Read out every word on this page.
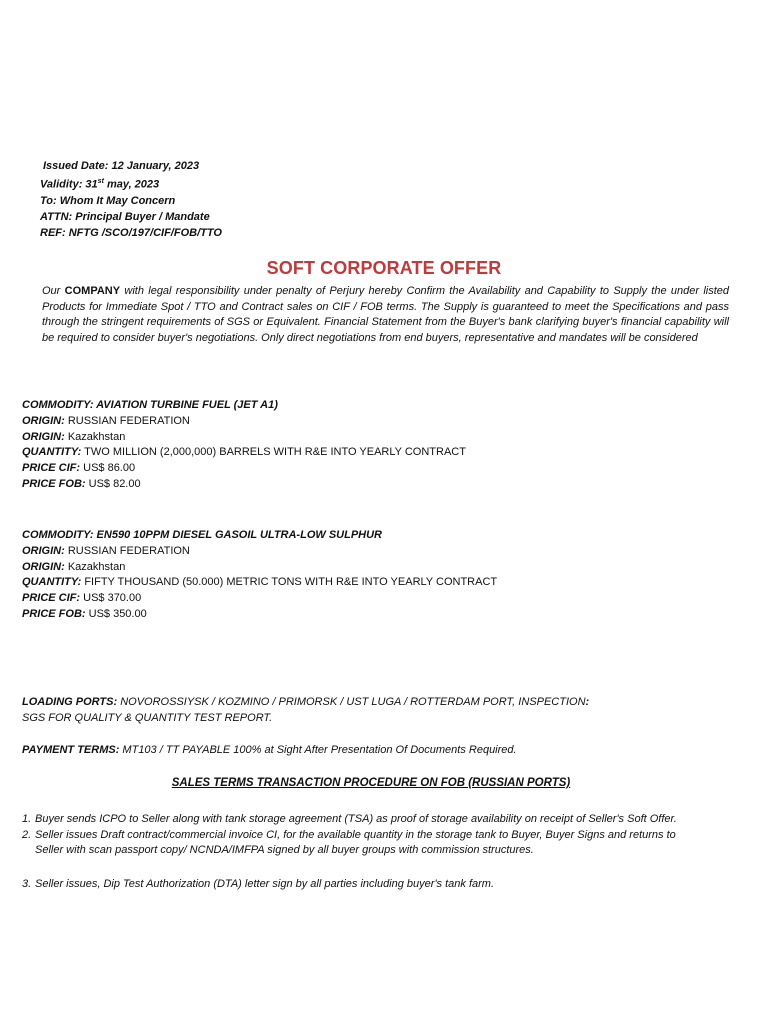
Issued Date: 12 January, 2023
Validity: 31st may, 2023
To: Whom It May Concern
ATTN: Principal Buyer / Mandate
REF: NFTG /SCO/197/CIF/FOB/TTO
SOFT CORPORATE OFFER
Our COMPANY with legal responsibility under penalty of Perjury hereby Confirm the Availability and Capability to Supply the under listed Products for Immediate Spot / TTO and Contract sales on CIF / FOB terms. The Supply is guaranteed to meet the Specifications and pass through the stringent requirements of SGS or Equivalent. Financial Statement from the Buyer's bank clarifying buyer's financial capability will be required to consider buyer's negotiations. Only direct negotiations from end buyers, representative and mandates will be considered
COMMODITY: AVIATION TURBINE FUEL (JET A1)
ORIGIN: RUSSIAN FEDERATION
ORIGIN: Kazakhstan
QUANTITY: TWO MILLION (2,000,000) BARRELS WITH R&E INTO YEARLY CONTRACT
PRICE CIF: US$ 86.00
PRICE FOB: US$ 82.00
COMMODITY: EN590 10PPM DIESEL GASOIL ULTRA-LOW SULPHUR
ORIGIN: RUSSIAN FEDERATION
ORIGIN: Kazakhstan
QUANTITY: FIFTY THOUSAND (50.000) METRIC TONS WITH R&E INTO YEARLY CONTRACT
PRICE CIF: US$ 370.00
PRICE FOB: US$ 350.00
LOADING PORTS: NOVOROSSIYSK / KOZMINO / PRIMORSK / UST LUGA / ROTTERDAM PORT, INSPECTION:
SGS FOR QUALITY & QUANTITY TEST REPORT.
PAYMENT TERMS: MT103 / TT PAYABLE 100% at Sight After Presentation Of Documents Required.
SALES TERMS TRANSACTION PROCEDURE ON FOB (RUSSIAN PORTS)
1. Buyer sends ICPO to Seller along with tank storage agreement (TSA) as proof of storage availability on receipt of Seller's Soft Offer.
2. Seller issues Draft contract/commercial invoice CI, for the available quantity in the storage tank to Buyer, Buyer Signs and returns to Seller with scan passport copy/ NCNDA/IMFPA signed by all buyer groups with commission structures.
3. Seller issues, Dip Test Authorization (DTA) letter sign by all parties including buyer's tank farm.
